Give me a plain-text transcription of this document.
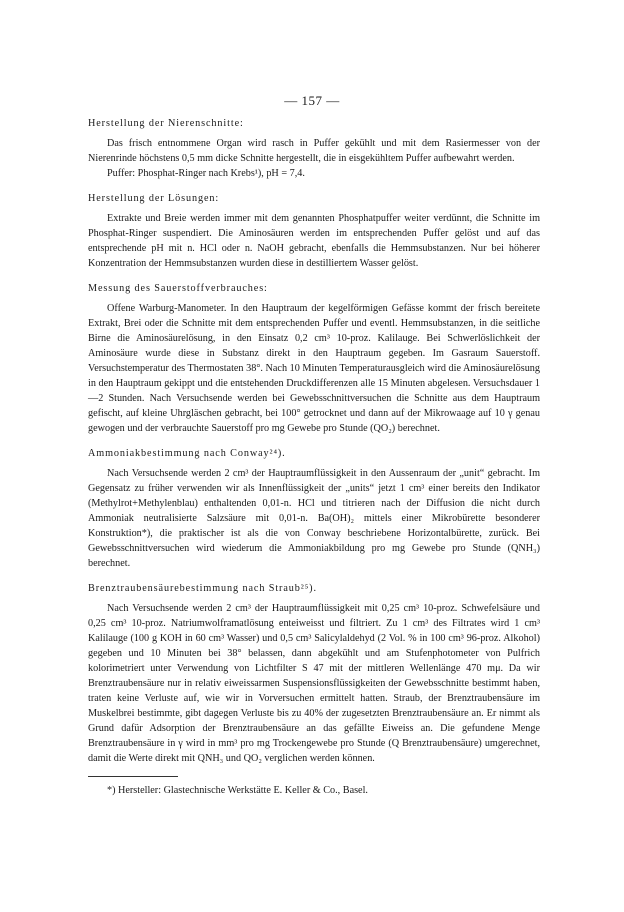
— 157 —
Herstellung der Nierenschnitte:

Das frisch entnommene Organ wird rasch in Puffer gekühlt und mit dem Rasiermesser von der Nierenrinde höchstens 0,5 mm dicke Schnitte hergestellt, die in eisgekühltem Puffer aufbewahrt werden.

Puffer: Phosphat-Ringer nach Krebs¹), pH = 7,4.

Herstellung der Lösungen:

Extrakte und Breie werden immer mit dem genannten Phosphatpuffer weiter verdünnt, die Schnitte im Phosphat-Ringer suspendiert. Die Aminosäuren werden im entsprechenden Puffer gelöst und auf das entsprechende pH mit n. HCl oder n. NaOH gebracht, ebenfalls die Hemmsubstanzen. Nur bei höherer Konzentration der Hemmsubstanzen wurden diese in destilliertem Wasser gelöst.

Messung des Sauerstoffverbrauches:

Offene Warburg-Manometer. In den Hauptraum der kegelförmigen Gefässe kommt der frisch bereitete Extrakt, Brei oder die Schnitte mit dem entsprechenden Puffer und eventl. Hemmsubstanzen, in die seitliche Birne die Aminosäurelösung, in den Einsatz 0,2 cm³ 10-proz. Kalilauge. Bei Schwerlöslichkeit der Aminosäure wurde diese in Substanz direkt in den Hauptraum gegeben. Im Gasraum Sauerstoff. Versuchstemperatur des Thermostaten 38°. Nach 10 Minuten Temperaturausgleich wird die Aminosäurelösung in den Hauptraum gekippt und die entstehenden Druckdifferenzen alle 15 Minuten abgelesen. Versuchsdauer 1—2 Stunden. Nach Versuchsende werden bei Gewebsschnittversuchen die Schnitte aus dem Hauptraum gefischt, auf kleine Uhrgläschen gebracht, bei 100° getrocknet und dann auf der Mikrowaage auf 10 γ genau gewogen und der verbrauchte Sauerstoff pro mg Gewebe pro Stunde (QO₂) berechnet.

Ammoniakbestimmung nach Conway²⁴).

Nach Versuchsende werden 2 cm³ der Hauptraumflüssigkeit in den Aussenraum der „unit“ gebracht. Im Gegensatz zu früher verwenden wir als Innenflüssigkeit der „units“ jetzt 1 cm³ einer bereits den Indikator (Methylrot+Methylenblau) enthaltenden 0,01-n. HCl und titrieren nach der Diffusion die nicht durch Ammoniak neutralisierte Salzsäure mit 0,01-n. Ba(OH)₂ mittels einer Mikrobürette besonderer Konstruktion*), die praktischer ist als die von Conway beschriebene Horizontalbürette, zurück. Bei Gewebsschnittversuchen wird wiederum die Ammoniakbildung pro mg Gewebe pro Stunde (QNH₃) berechnet.

Brenztraubensäurebestimmung nach Straub²⁵).

Nach Versuchsende werden 2 cm³ der Hauptraumflüssigkeit mit 0,25 cm³ 10-proz. Schwefelsäure und 0,25 cm³ 10-proz. Natriumwolframatlösung enteiweisst und filtriert. Zu 1 cm³ des Filtrates wird 1 cm³ Kalilauge (100 g KOH in 60 cm³ Wasser) und 0,5 cm³ Salicylaldehyd (2 Vol. % in 100 cm³ 96-proz. Alkohol) gegeben und 10 Minuten bei 38° belassen, dann abgekühlt und am Stufenphotometer von Pulfrich kolorimetriert unter Verwendung von Lichtfilter S 47 mit der mittleren Wellenlänge 470 mμ. Da wir Brenztraubensäure nur in relativ eiweissarmen Suspensionsflüssigkeiten der Gewebsschnitte bestimmt haben, traten keine Verluste auf, wie wir in Vorversuchen ermittelt hatten. Straub, der Brenztraubensäure im Muskelbrei bestimmte, gibt dagegen Verluste bis zu 40% der zugesetzten Brenztraubensäure an. Er nimmt als Grund dafür Adsorption der Brenztraubensäure an das gefällte Eiweiss an. Die gefundene Menge Brenztraubensäure in γ wird in mm³ pro mg Trockengewebe pro Stunde (Q Brenztraubensäure) umgerechnet, damit die Werte direkt mit QNH₃ und QO₂ verglichen werden können.

*) Hersteller: Glastechnische Werkstätte E. Keller & Co., Basel.
